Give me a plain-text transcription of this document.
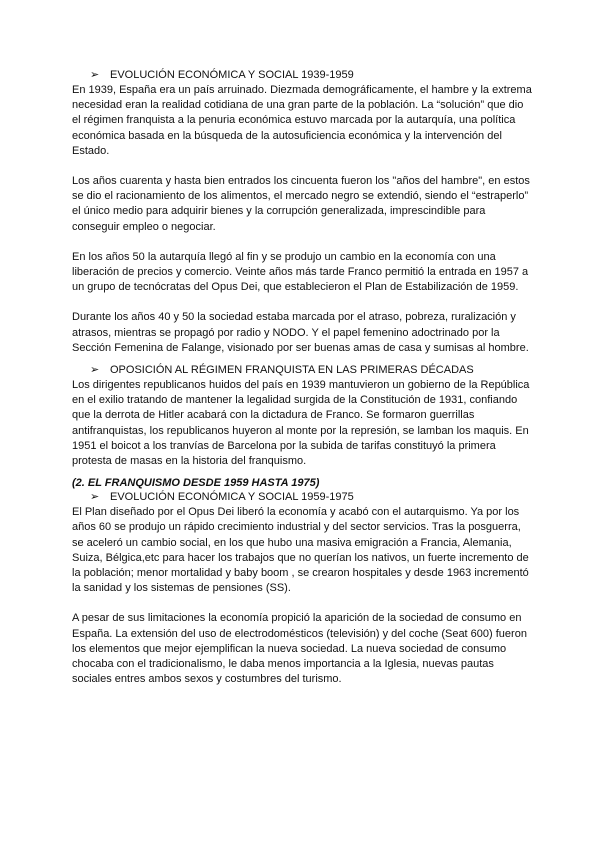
➢ EVOLUCIÓN ECONÓMICA Y SOCIAL 1939-1959

En 1939, España era un país arruinado. Diezmada demográficamente, el hambre y la extrema necesidad eran la realidad cotidiana de una gran parte de la población. La “solución” que dio el régimen franquista a la penuria económica estuvo marcada por la autarquía, una política económica basada en la búsqueda de la autosuficiencia económica y la intervención del Estado.

Los años cuarenta y hasta bien entrados los cincuenta fueron los "años del hambre", en estos se dio el racionamiento de los alimentos, el mercado negro se extendió, siendo el “estraperlo” el único medio para adquirir bienes y la corrupción generalizada, imprescindible para conseguir empleo o negociar.

En los años 50 la autarquía llegó al fin y se produjo un cambio en la economía con una liberación de precios y comercio. Veinte años más tarde Franco permitió la entrada en 1957 a un grupo de tecnócratas del Opus Dei, que establecieron el Plan de Estabilización de 1959.

Durante los años 40 y 50 la sociedad estaba marcada por el atraso, pobreza, ruralización y atrasos, mientras se propagó por radio y NODO. Y el papel femenino adoctrinado por la Sección Femenina de Falange, visionado por ser buenas amas de casa y sumisas al hombre.

➢ OPOSICIÓN AL RÉGIMEN FRANQUISTA EN LAS PRIMERAS DÉCADAS

Los dirigentes republicanos huidos del país en 1939 mantuvieron un gobierno de la República en el exilio tratando de mantener la legalidad surgida de la Constitución de 1931, confiando que la derrota de Hitler acabará con la dictadura de Franco. Se formaron guerrillas antifranquistas, los republicanos huyeron al monte por la represión, se lamban los maquis. En 1951 el boicot a los tranvías de Barcelona por la subida de tarifas constituyó la primera protesta de masas en la historia del franquismo.

(2. EL FRANQUISMO DESDE 1959 HASTA 1975)

➢ EVOLUCIÓN ECONÓMICA Y SOCIAL 1959-1975

El Plan diseñado por el Opus Dei liberó la economía y acabó con el autarquismo. Ya por los años 60 se produjo un rápido crecimiento industrial y del sector servicios. Tras la posguerra, se aceleró un cambio social, en los que hubo una masiva emigración a Francia, Alemania, Suiza, Bélgica,etc para hacer los trabajos que no querían los nativos, un fuerte incremento de la población; menor mortalidad y baby boom , se crearon hospitales y desde 1963 incrementó la sanidad y los sistemas de pensiones (SS).

A pesar de sus limitaciones la economía propició la aparición de la sociedad de consumo en España. La extensión del uso de electrodomésticos (televisión) y del coche (Seat 600) fueron los elementos que mejor ejemplifican la nueva sociedad. La nueva sociedad de consumo chocaba con el tradicionalismo, le daba menos importancia a la Iglesia, nuevas pautas sociales entres ambos sexos y costumbres del turismo.
